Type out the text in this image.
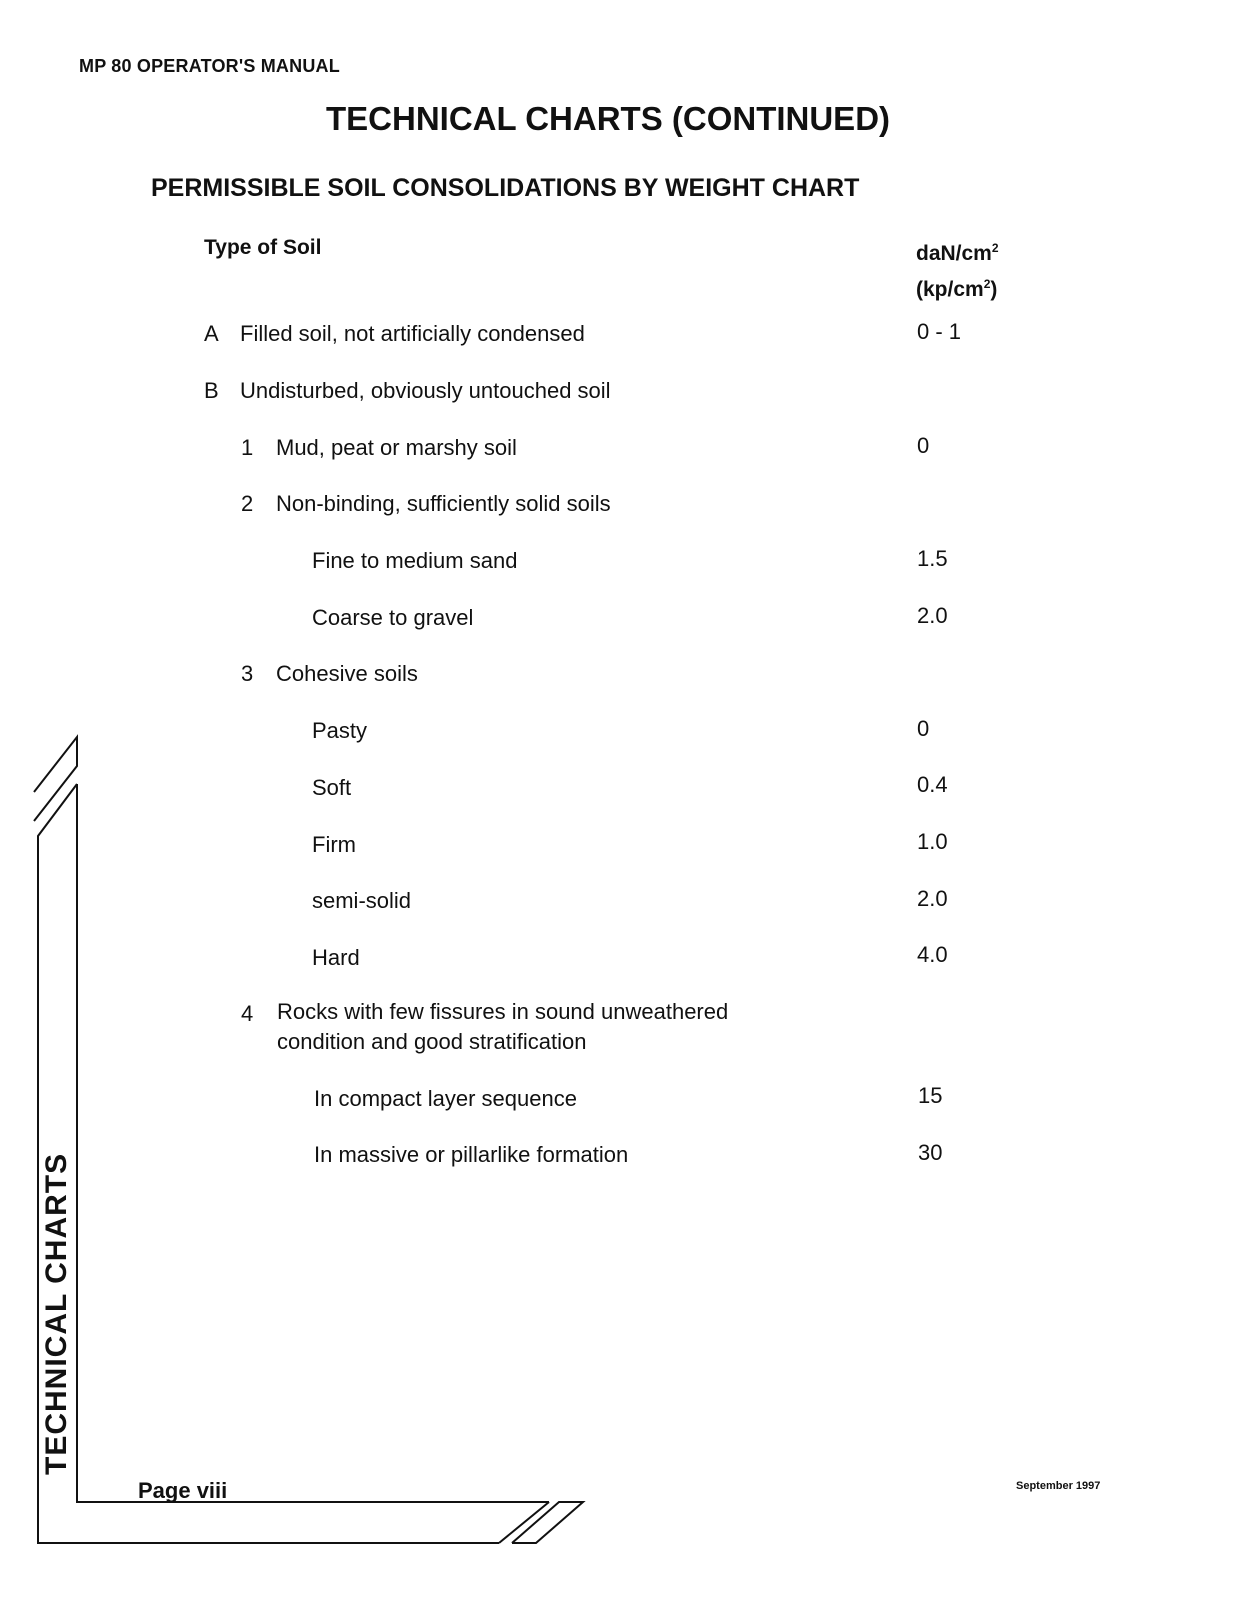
MP 80 OPERATOR'S MANUAL
TECHNICAL CHARTS (CONTINUED)
PERMISSIBLE SOIL CONSOLIDATIONS BY WEIGHT CHART
Type of Soil	daN/$cm^2$
$(kp/cm^2)$
A Filled soil, not artificially condensed	0 - 1
B Undisturbed, obviously untouched soil
1 Mud, peat or marshy soil	0
2 Non-binding, sufficiently solid soils
Fine to medium sand	1.5
Coarse to gravel	2.0
3 Cohesive soils
Pasty	0
Soft	0.4
Firm	1.0
semi-solid	2.0
Hard	4.0
4 Rocks with few fissures in sound unweathered condition and good stratification
In compact layer sequence	15
In massive or pillarlike formation	30
TECHNICAL CHARTS
Page viii	September 1997
